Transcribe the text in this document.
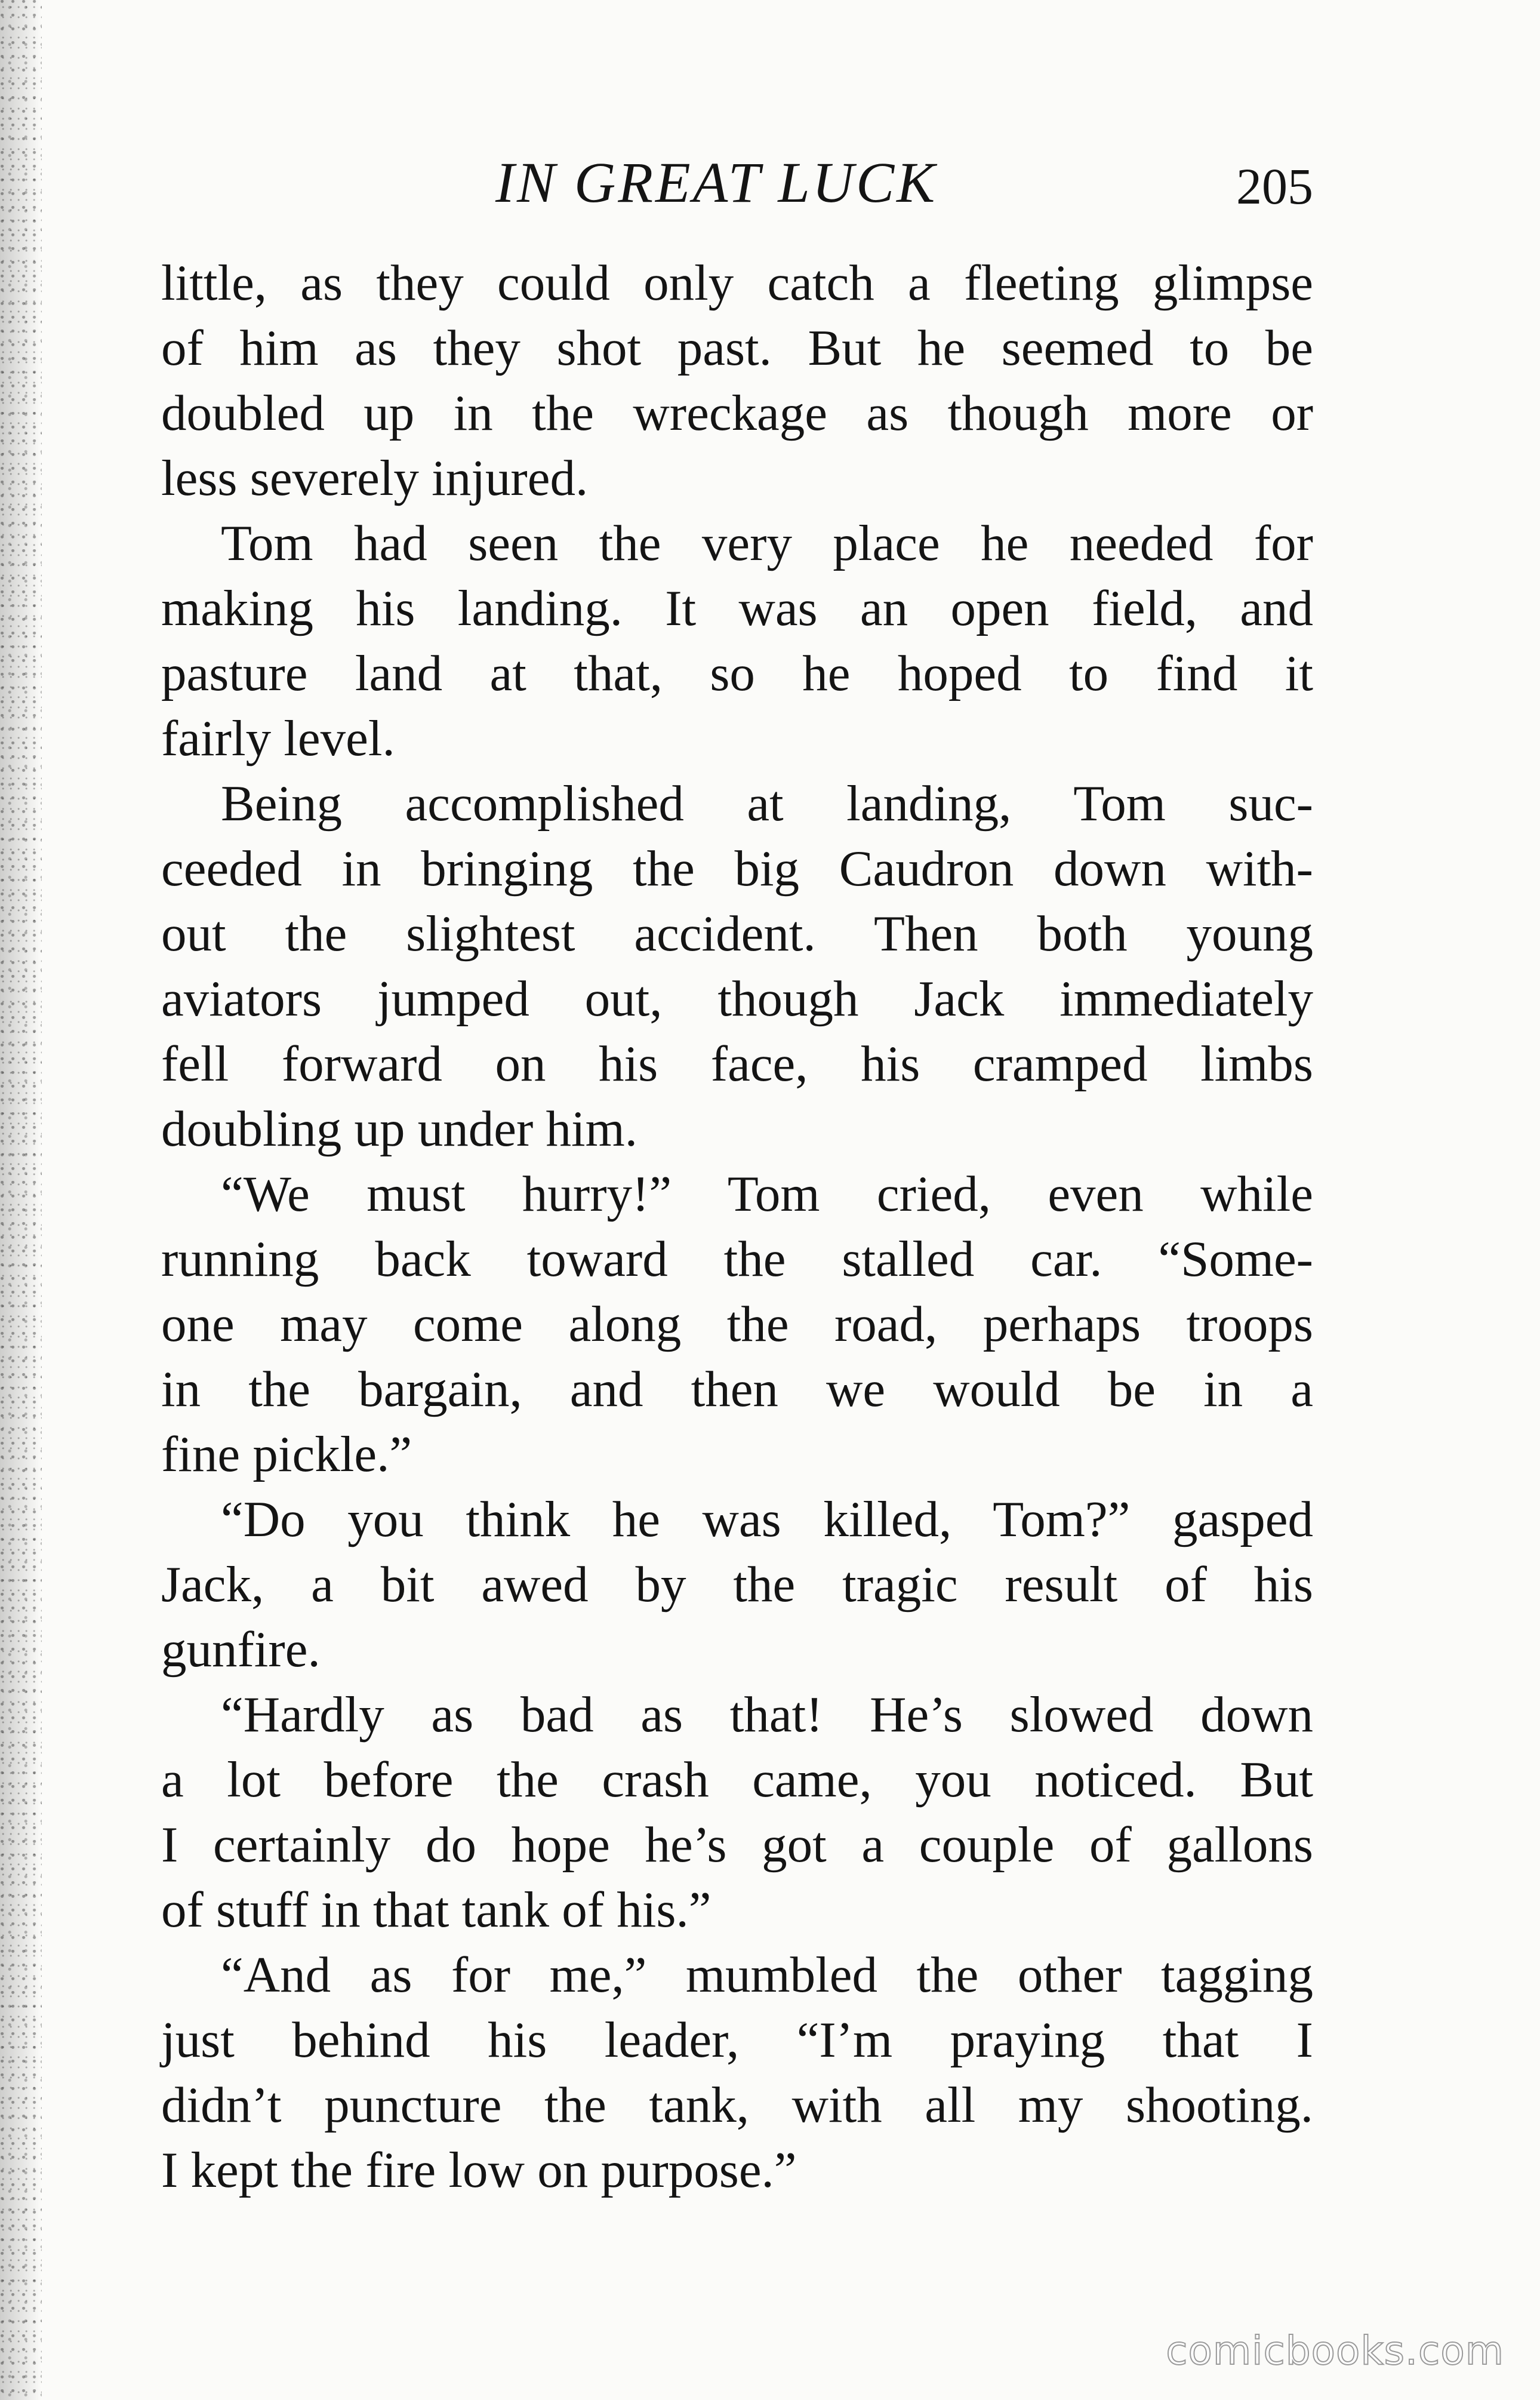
IN GREAT LUCK	205
little, as they could only catch a fleeting glimpse
of him as they shot past. But he seemed to be
doubled up in the wreckage as though more or
less severely injured.
Tom had seen the very place he needed for
making his landing. It was an open field, and
pasture land at that, so he hoped to find it
fairly level.
Being accomplished at landing, Tom suc-
ceeded in bringing the big Caudron down with-
out the slightest accident. Then both young
aviators jumped out, though Jack immediately
fell forward on his face, his cramped limbs
doubling up under him.
“We must hurry!” Tom cried, even while
running back toward the stalled car. “Some-
one may come along the road, perhaps troops
in the bargain, and then we would be in a
fine pickle.”
“Do you think he was killed, Tom?” gasped
Jack, a bit awed by the tragic result of his
gunfire.
“Hardly as bad as that! He’s slowed down
a lot before the crash came, you noticed. But
I certainly do hope he’s got a couple of gallons
of stuff in that tank of his.”
“And as for me,” mumbled the other tagging
just behind his leader, “I’m praying that I
didn’t puncture the tank, with all my shooting.
I kept the fire low on purpose.”
comicbooks.com
